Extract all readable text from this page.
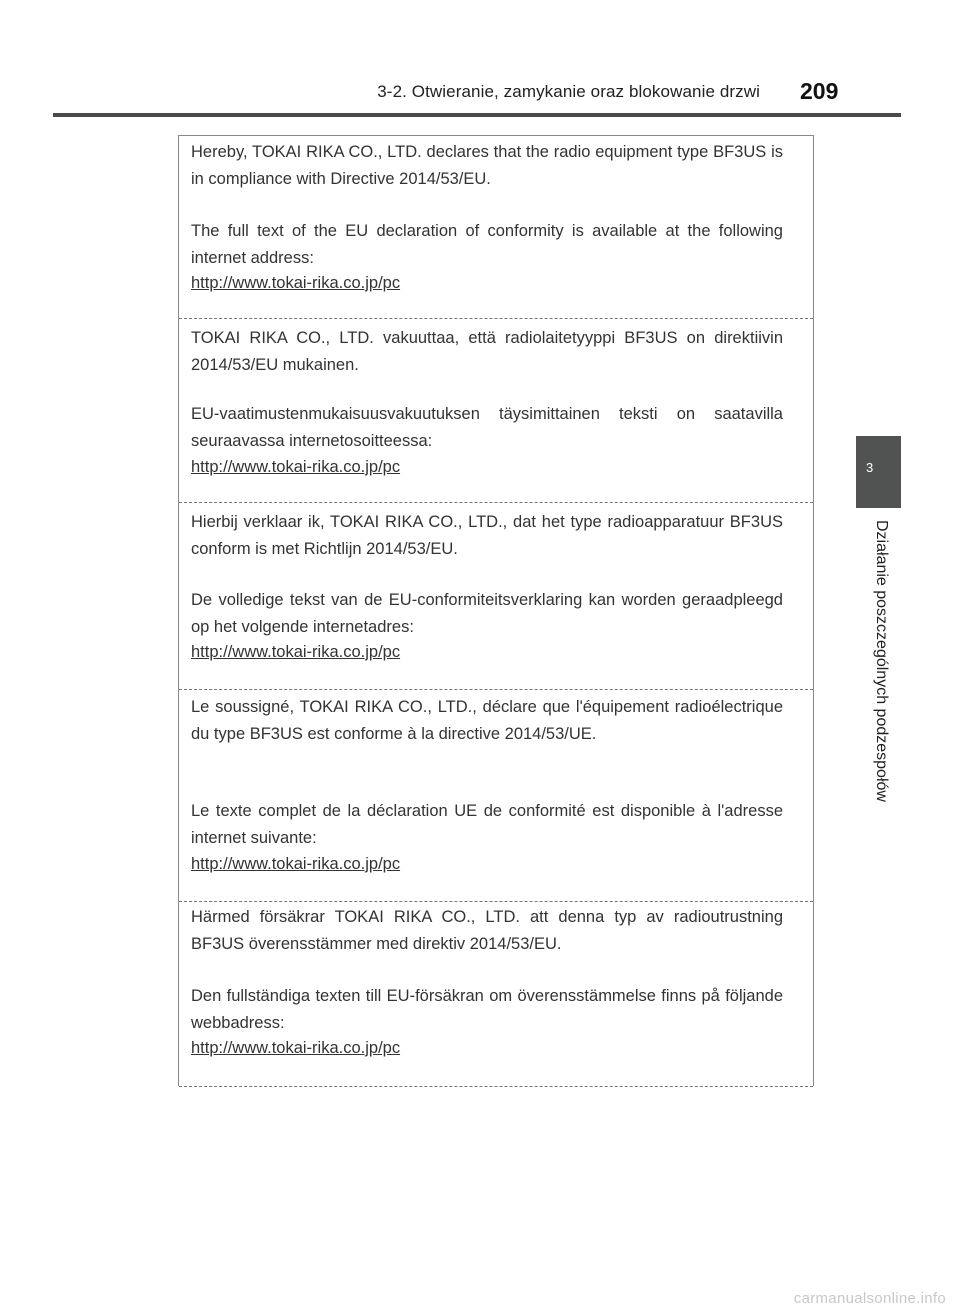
3-2. Otwieranie, zamykanie oraz blokowanie drzwi 209
3
Działanie poszczególnych podzespołów
Hereby, TOKAI RIKA CO., LTD. declares that the radio equipment type BF3US is in compliance with Directive 2014/53/EU.
The full text of the EU declaration of conformity is available at the following internet address:
http://www.tokai-rika.co.jp/pc
TOKAI RIKA CO., LTD. vakuuttaa, että radiolaitetyyppi BF3US on direktiivin 2014/53/EU mukainen.
EU-vaatimustenmukaisuusvakuutuksen täysimittainen teksti on saatavilla seuraavassa internetosoitteessa:
http://www.tokai-rika.co.jp/pc
Hierbij verklaar ik, TOKAI RIKA CO., LTD., dat het type radioapparatuur BF3US conform is met Richtlijn 2014/53/EU.
De volledige tekst van de EU-conformiteitsverklaring kan worden geraadpleegd op het volgende internetadres:
http://www.tokai-rika.co.jp/pc
Le soussigné, TOKAI RIKA CO., LTD., déclare que l'équipement radioélectrique du type BF3US est conforme à la directive 2014/53/UE.
Le texte complet de la déclaration UE de conformité est disponible à l'adresse internet suivante:
http://www.tokai-rika.co.jp/pc
Härmed försäkrar TOKAI RIKA CO., LTD. att denna typ av radioutrustning BF3US överensstämmer med direktiv 2014/53/EU.
Den fullständiga texten till EU-försäkran om överensstämmelse finns på följande webbadress:
http://www.tokai-rika.co.jp/pc
carmanualsonline.info
